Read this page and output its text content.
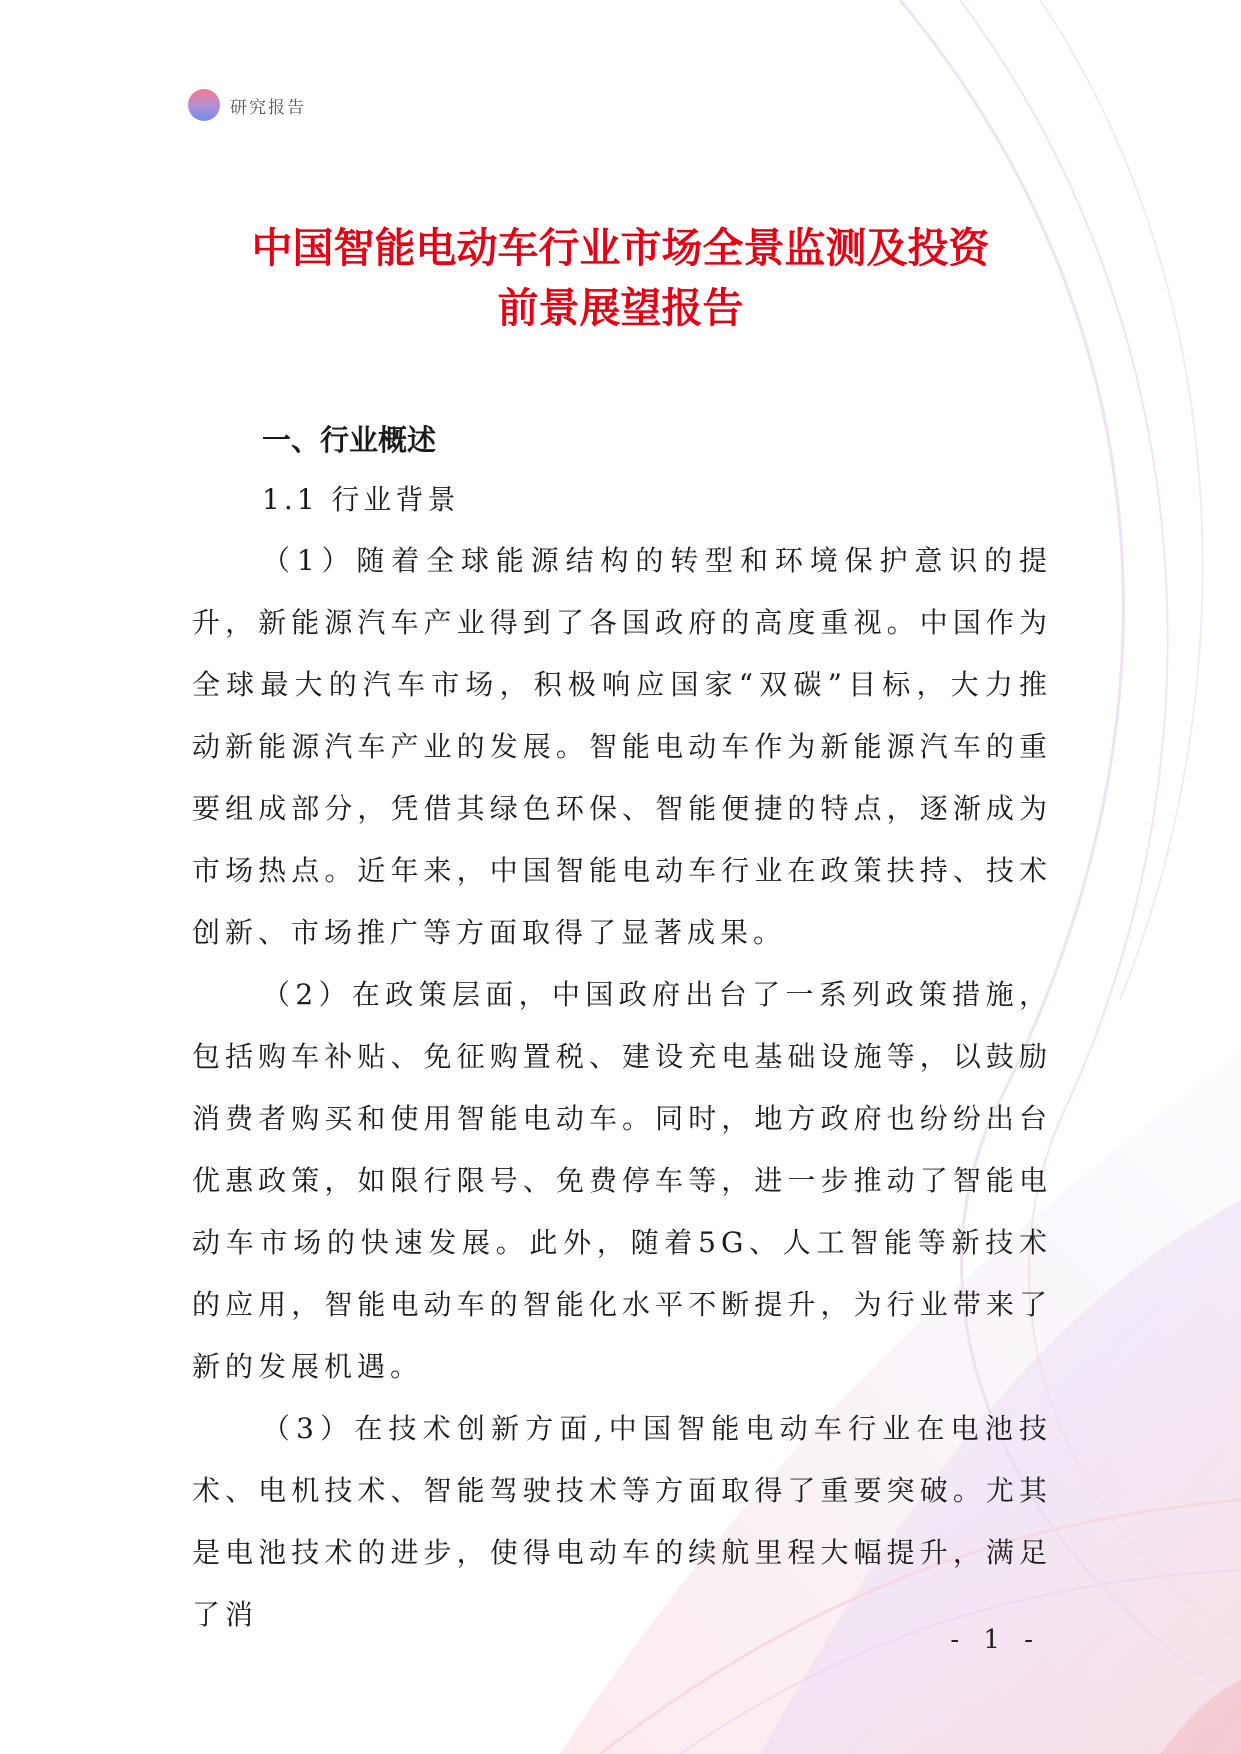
研究报告
中国智能电动车行业市场全景监测及投资
前景展望报告
一、行业概述
1.1 行业背景

（1）随着全球能源结构的转型和环境保护意识的提升，新能源汽车产业得到了各国政府的高度重视。中国作为全球最大的汽车市场，积极响应国家“双碳”目标，大力推动新能源汽车产业的发展。智能电动车作为新能源汽车的重要组成部分，凭借其绿色环保、智能便捷的特点，逐渐成为市场热点。近年来，中国智能电动车行业在政策扶持、技术创新、市场推广等方面取得了显著成果。

（2）在政策层面，中国政府出台了一系列政策措施，包括购车补贴、免征购置税、建设充电基础设施等，以鼓励消费者购买和使用智能电动车。同时，地方政府也纷纷出台优惠政策，如限行限号、免费停车等，进一步推动了智能电动车市场的快速发展。此外，随着5G、人工智能等新技术的应用，智能电动车的智能化水平不断提升，为行业带来了新的发展机遇。

（3）在技术创新方面,中国智能电动车行业在电池技术、电机技术、智能驾驶技术等方面取得了重要突破。尤其是电池技术的进步，使得电动车的续航里程大幅提升，满足了消

- 1 -
